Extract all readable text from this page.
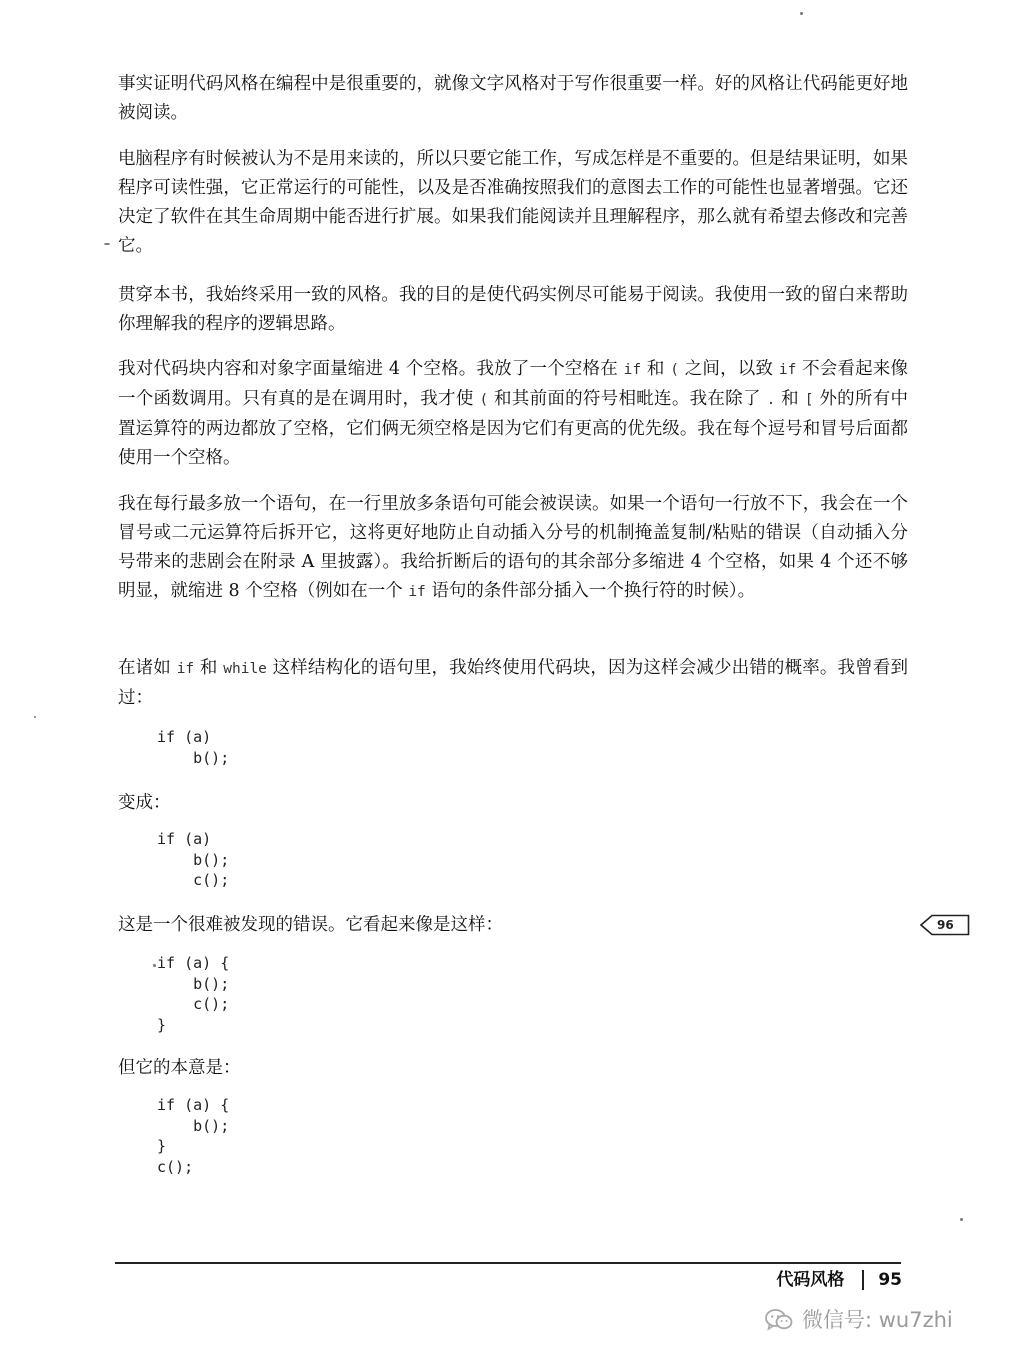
事实证明代码风格在编程中是很重要的，就像文字风格对于写作很重要一样。好的风格让代码能更好地被阅读。

电脑程序有时候被认为不是用来读的，所以只要它能工作，写成怎样是不重要的。但是结果证明，如果程序可读性强，它正常运行的可能性，以及是否准确按照我们的意图去工作的可能性也显著增强。它还决定了软件在其生命周期中能否进行扩展。如果我们能阅读并且理解程序，那么就有希望去修改和完善它。

贯穿本书，我始终采用一致的风格。我的目的是使代码实例尽可能易于阅读。我使用一致的留白来帮助你理解我的程序的逻辑思路。

我对代码块内容和对象字面量缩进 4 个空格。我放了一个空格在 if 和 ( 之间，以致 if 不会看起来像一个函数调用。只有真的是在调用时，我才使 ( 和其前面的符号相毗连。我在除了 . 和 [ 外的所有中置运算符的两边都放了空格，它们俩无须空格是因为它们有更高的优先级。我在每个逗号和冒号后面都使用一个空格。

我在每行最多放一个语句，在一行里放多条语句可能会被误读。如果一个语句一行放不下，我会在一个冒号或二元运算符后拆开它，这将更好地防止自动插入分号的机制掩盖复制/粘贴的错误（自动插入分号带来的悲剧会在附录 A 里披露）。我给折断后的语句的其余部分多缩进 4 个空格，如果 4 个还不够明显，就缩进 8 个空格（例如在一个 if 语句的条件部分插入一个换行符的时候）。

在诸如 if 和 while 这样结构化的语句里，我始终使用代码块，因为这样会减少出错的概率。我曾看到过：

if (a)
b();

变成：

if (a)
b();
c();

这是一个很难被发现的错误。它看起来像是这样：

if (a) {
b();
c();
}

但它的本意是：

if (a) {
b();
}
c();
96
代码风格 95
微信号: wu7zhi
